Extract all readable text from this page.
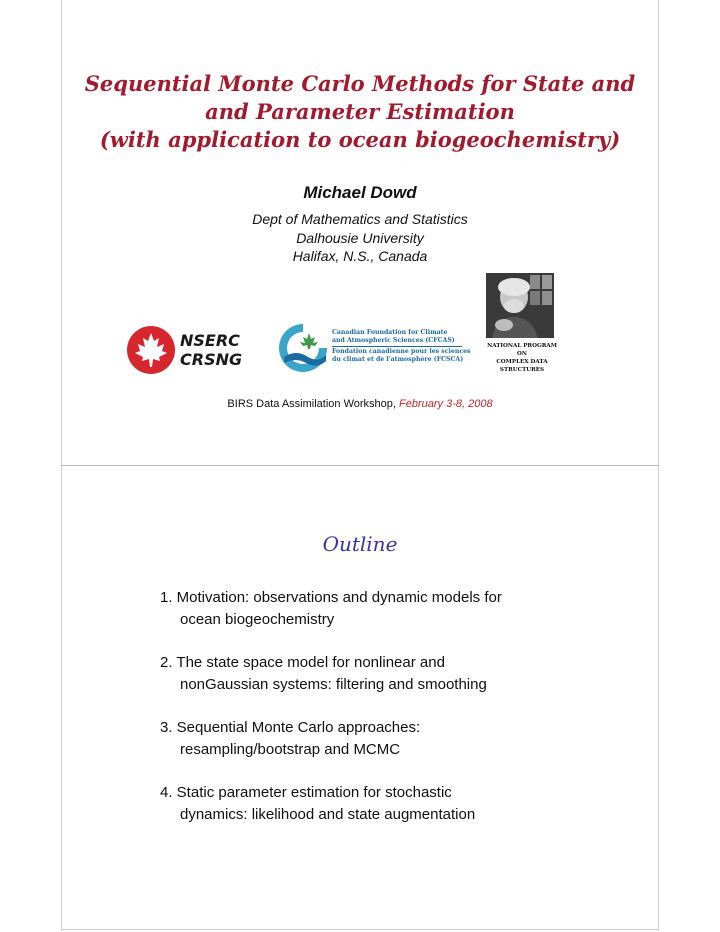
Sequential Monte Carlo Methods for State and
and Parameter Estimation
(with application to ocean biogeochemistry)
Michael Dowd
Dept of Mathematics and Statistics
Dalhousie University
Halifax, N.S., Canada
NSERC
CRSNG
Canadian Foundation for Climate
and Atmospheric Sciences (CFCAS)
Fondation canadienne pour les sciences
du climat et de l'atmosphère (FCSCA)
NATIONAL PROGRAM
ON
COMPLEX DATA
STRUCTURES
BIRS Data Assimilation Workshop, February 3-8, 2008
Outline
1. Motivation: observations and dynamic models for
ocean biogeochemistry
2. The state space model for nonlinear and
nonGaussian systems: filtering and smoothing
3. Sequential Monte Carlo approaches:
resampling/bootstrap and MCMC
4. Static parameter estimation for stochastic
dynamics: likelihood and state augmentation
